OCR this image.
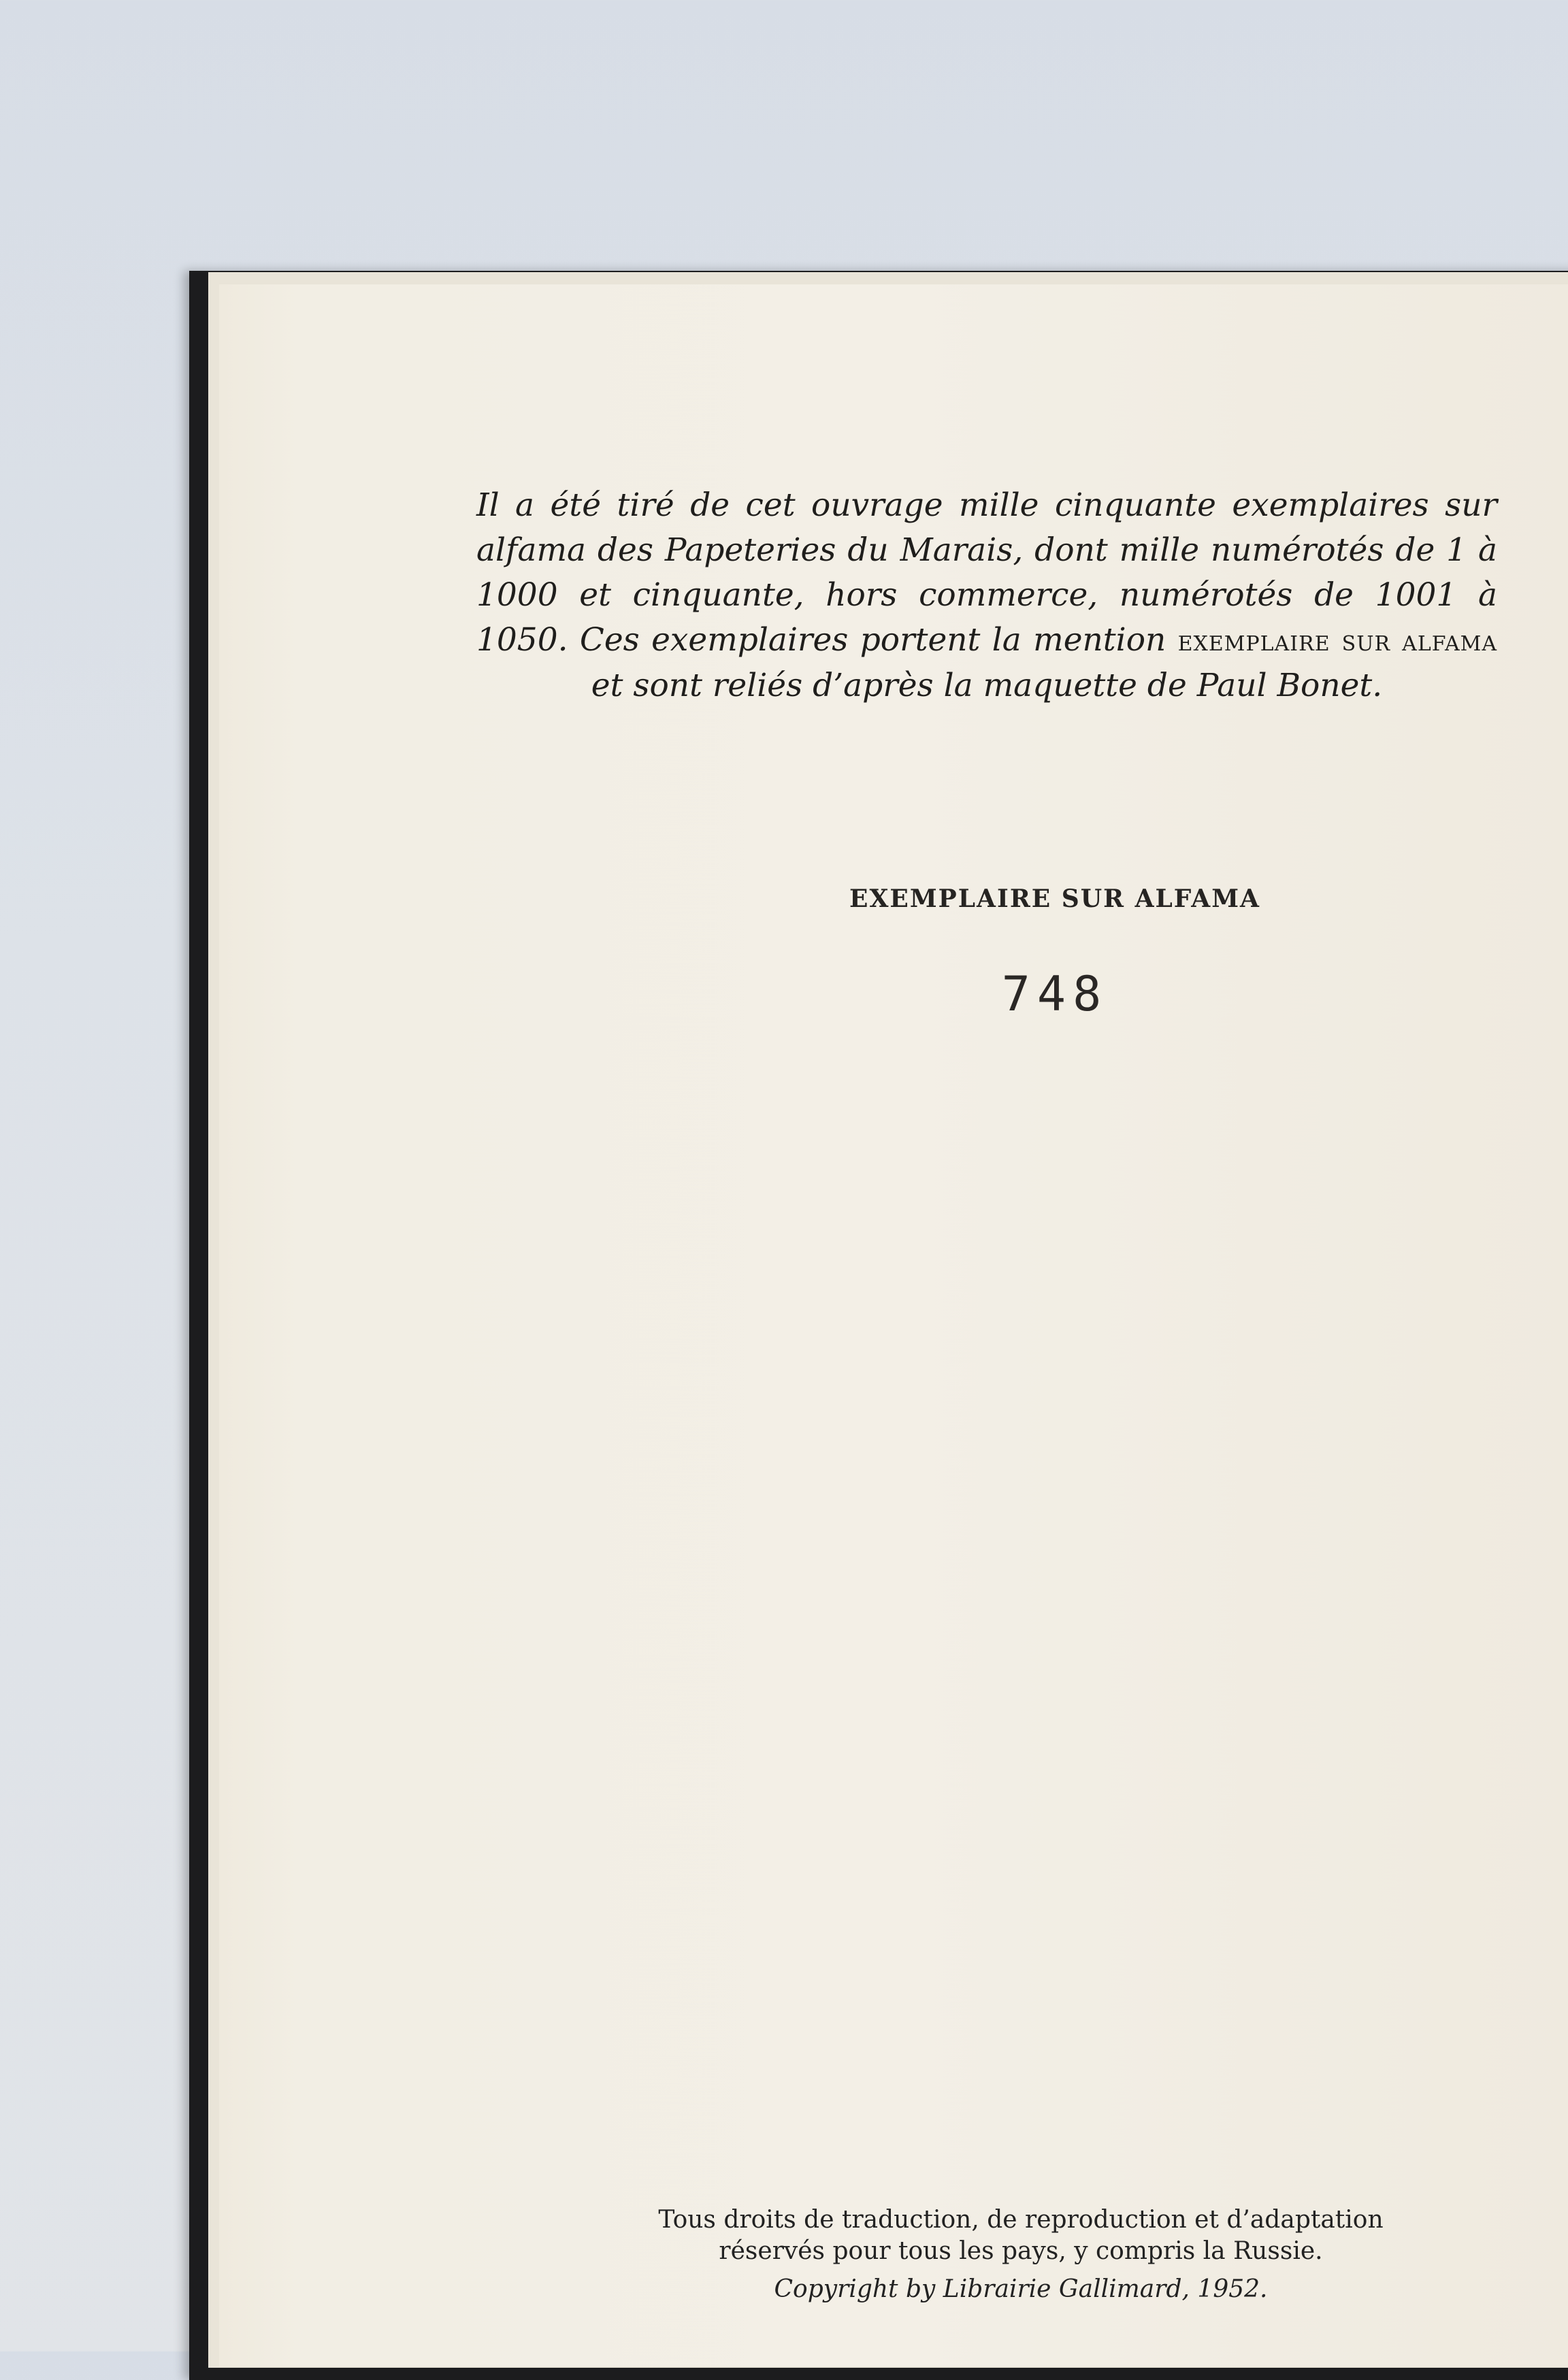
Il a été tiré de cet ouvrage mille cinquante exemplaires sur alfama des Papeteries du Marais, dont mille numérotés de 1 à 1000 et cinquante, hors commerce, numérotés de 1001 à 1050. Ces exemplaires portent la mention exemplaire sur alfama et sont reliés d’après la maquette de Paul Bonet.

EXEMPLAIRE SUR ALFAMA
748
Tous droits de traduction, de reproduction et d’adaptation
réservés pour tous les pays, y compris la Russie.
Copyright by Librairie Gallimard, 1952.
